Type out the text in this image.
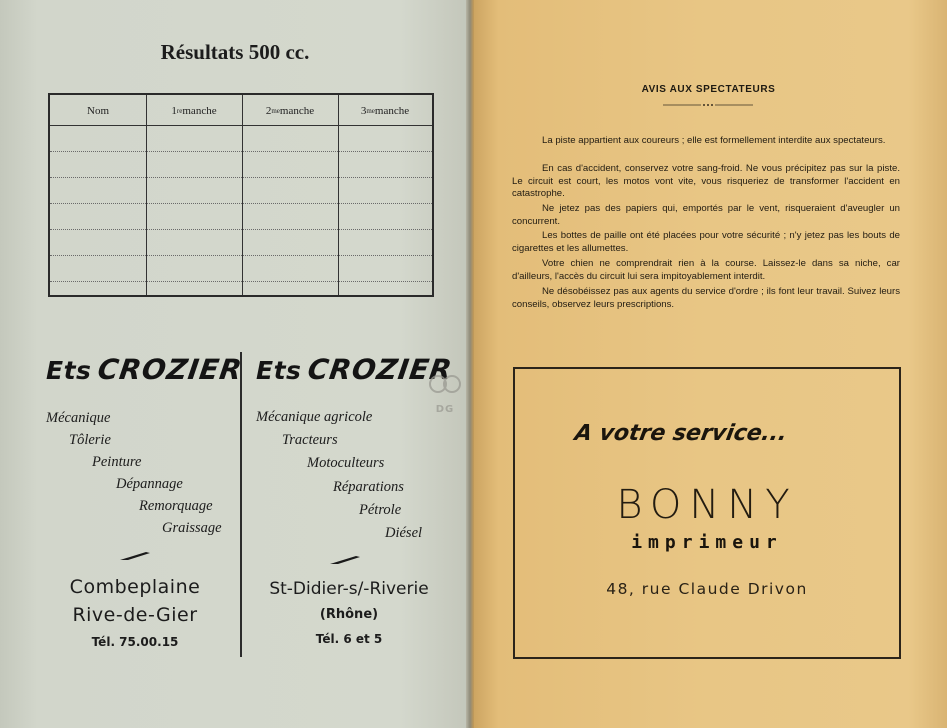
Résultats 500 cc.
Nom	1 re manche	2 me manche	3 me manche
Ets CROZIER
Mécanique
Tôlerie
Peinture
Dépannage
Remorquage
Graissage
Combeplaine
Rive-de-Gier
Tél. 75.00.15
Ets CROZIER
Mécanique agricole
Tracteurs
Motoculteurs
Réparations
Pétrole
Diésel
St-Didier-s/-Riverie
(Rhône)
Tél. 6 et 5
DG
AVIS AUX SPECTATEURS

La piste appartient aux coureurs ; elle est formellement interdite aux spectateurs.

En cas d'accident, conservez votre sang-froid. Ne vous précipitez pas sur la piste. Le circuit est court, les motos vont vite, vous risqueriez de transformer l'accident en catastrophe.

Ne jetez pas des papiers qui, emportés par le vent, risqueraient d'aveugler un concurrent.

Les bottes de paille ont été placées pour votre sécurité ; n'y jetez pas les bouts de cigarettes et les allumettes.

Votre chien ne comprendrait rien à la course. Laissez-le dans sa niche, car d'ailleurs, l'accès du circuit lui sera impitoyablement interdit.

Ne désobéissez pas aux agents du service d'ordre ; ils font leur travail. Suivez leurs conseils, observez leurs prescriptions.

A votre service...
BONNY
imprimeur
48, rue Claude Drivon
